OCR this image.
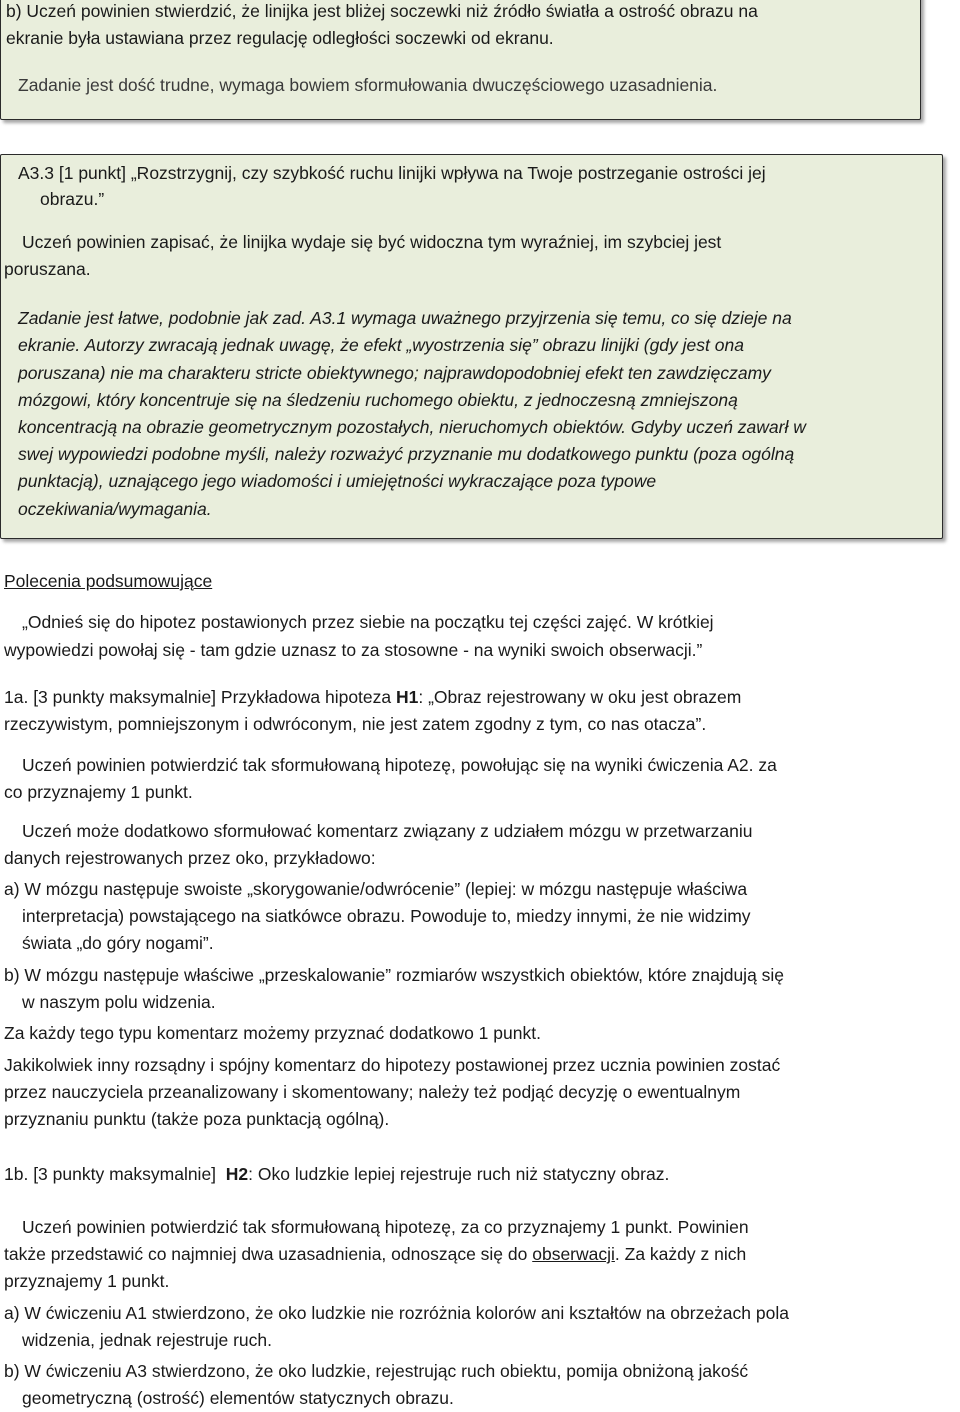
b) Uczeń powinien stwierdzić, że linijka jest bliżej soczewki niż źródło światła a ostrość obrazu na
ekranie była ustawiana przez regulację odległości soczewki od ekranu.
Zadanie jest dość trudne, wymaga bowiem sformułowania dwuczęściowego uzasadnienia.
A3.3 [1 punkt] „Rozstrzygnij, czy szybkość ruchu linijki wpływa na Twoje postrzeganie ostrości jej
obrazu.”
Uczeń powinien zapisać, że linijka wydaje się być widoczna tym wyraźniej, im szybciej jest
poruszana.
Zadanie jest łatwe, podobnie jak zad. A3.1 wymaga uważnego przyjrzenia się temu, co się dzieje na
ekranie. Autorzy zwracają jednak uwagę, że efekt „wyostrzenia się” obrazu linijki (gdy jest ona
poruszana) nie ma charakteru stricte obiektywnego; najprawdopodobniej efekt ten zawdzięczamy
mózgowi, który koncentruje się na śledzeniu ruchomego obiektu, z jednoczesną zmniejszoną
koncentracją na obrazie geometrycznym pozostałych, nieruchomych obiektów. Gdyby uczeń zawarł w
swej wypowiedzi podobne myśli, należy rozważyć przyznanie mu dodatkowego punktu (poza ogólną
punktacją), uznającego jego wiadomości i umiejętności wykraczające poza typowe
oczekiwania/wymagania.
Polecenia podsumowujące
„Odnieś się do hipotez postawionych przez siebie na początku tej części zajęć. W krótkiej
wypowiedzi powołaj się - tam gdzie uznasz to za stosowne - na wyniki swoich obserwacji.”
1a. [3 punkty maksymalnie] Przykładowa hipoteza H1: „Obraz rejestrowany w oku jest obrazem
rzeczywistym, pomniejszonym i odwróconym, nie jest zatem zgodny z tym, co nas otacza”.
Uczeń powinien potwierdzić tak sformułowaną hipotezę, powołując się na wyniki ćwiczenia A2. za
co przyznajemy 1 punkt.
Uczeń może dodatkowo sformułować komentarz związany z udziałem mózgu w przetwarzaniu
danych rejestrowanych przez oko, przykładowo:
a) W mózgu następuje swoiste „skorygowanie/odwrócenie” (lepiej: w mózgu następuje właściwa
interpretacja) powstającego na siatkówce obrazu. Powoduje to, miedzy innymi, że nie widzimy
świata „do góry nogami”.
b) W mózgu następuje właściwe „przeskalowanie” rozmiarów wszystkich obiektów, które znajdują się
w naszym polu widzenia.
Za każdy tego typu komentarz możemy przyznać dodatkowo 1 punkt.
Jakikolwiek inny rozsądny i spójny komentarz do hipotezy postawionej przez ucznia powinien zostać
przez nauczyciela przeanalizowany i skomentowany; należy też podjąć decyzję o ewentualnym
przyznaniu punktu (także poza punktacją ogólną).
1b. [3 punkty maksymalnie]  H2: Oko ludzkie lepiej rejestruje ruch niż statyczny obraz.
Uczeń powinien potwierdzić tak sformułowaną hipotezę, za co przyznajemy 1 punkt. Powinien
także przedstawić co najmniej dwa uzasadnienia, odnoszące się do obserwacji. Za każdy z nich
przyznajemy 1 punkt.
a) W ćwiczeniu A1 stwierdzono, że oko ludzkie nie rozróżnia kolorów ani kształtów na obrzeżach pola
widzenia, jednak rejestruje ruch.
b) W ćwiczeniu A3 stwierdzono, że oko ludzkie, rejestrując ruch obiektu, pomija obniżoną jakość
geometryczną (ostrość) elementów statycznych obrazu.
